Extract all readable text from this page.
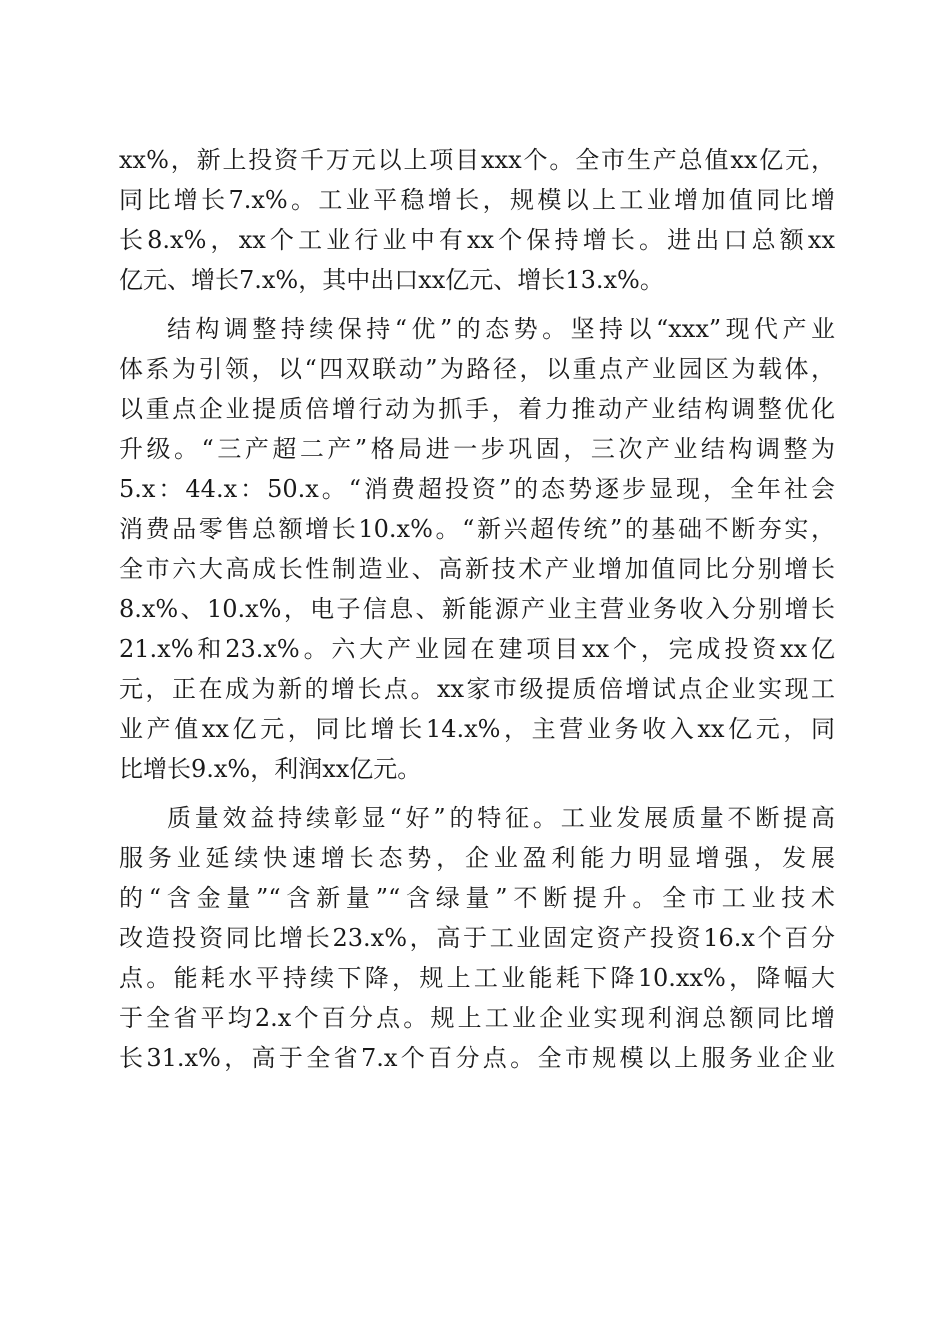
xx%，新上投资千万元以上项目xxx个。全市生产总值xx亿元，
同比增长7.x%。工业平稳增长，规模以上工业增加值同比增
长8.x%，xx个工业行业中有xx个保持增长。进出口总额xx
亿元、增长7.x%，其中出口xx亿元、增长13.x%。
结构调整持续保持“优”的态势。坚持以“xxx”现代产业
体系为引领，以“四双联动”为路径，以重点产业园区为载体，
以重点企业提质倍增行动为抓手，着力推动产业结构调整优化
升级。“三产超二产”格局进一步巩固，三次产业结构调整为
5.x：44.x：50.x。“消费超投资”的态势逐步显现，全年社会
消费品零售总额增长10.x%。“新兴超传统”的基础不断夯实，
全市六大高成长性制造业、高新技术产业增加值同比分别增长
8.x%、10.x%，电子信息、新能源产业主营业务收入分别增长
21.x%和23.x%。六大产业园在建项目xx个，完成投资xx亿
元，正在成为新的增长点。xx家市级提质倍增试点企业实现工
业产值xx亿元，同比增长14.x%，主营业务收入xx亿元，同
比增长9.x%，利润xx亿元。
质量效益持续彰显“好”的特征。工业发展质量不断提高
服务业延续快速增长态势，企业盈利能力明显增强，发展
的“含金量”“含新量”“含绿量”不断提升。全市工业技术
改造投资同比增长23.x%，高于工业固定资产投资16.x个百分
点。能耗水平持续下降，规上工业能耗下降10.xx%，降幅大
于全省平均2.x个百分点。规上工业企业实现利润总额同比增
长31.x%，高于全省7.x个百分点。全市规模以上服务业企业
